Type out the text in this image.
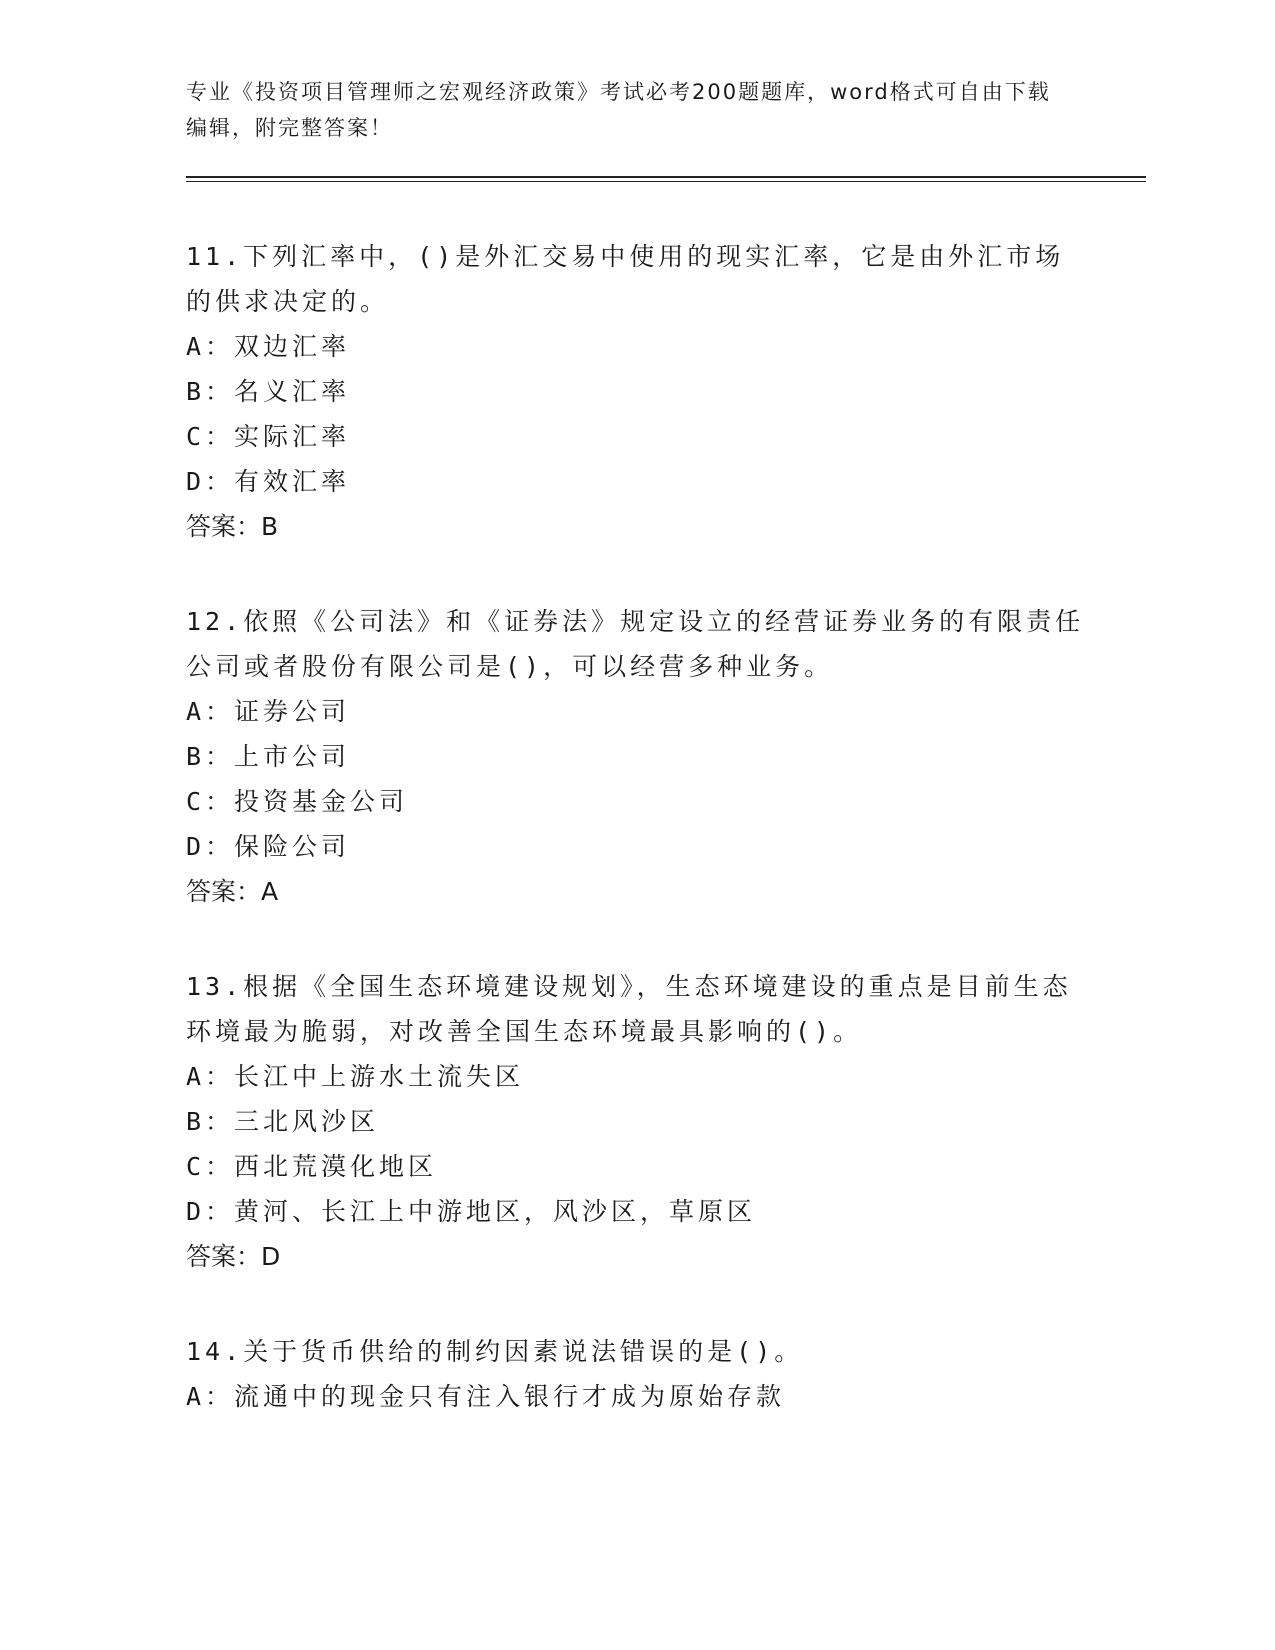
专业《投资项目管理师之宏观经济政策》考试必考200题题库，word格式可自由下载编辑，附完整答案！

11.下列汇率中，()是外汇交易中使用的现实汇率，它是由外汇市场的供求决定的。

A：双边汇率

B：名义汇率

C：实际汇率

D：有效汇率

答案：B

12.依照《公司法》和《证券法》规定设立的经营证券业务的有限责任公司或者股份有限公司是()，可以经营多种业务。

A：证券公司

B：上市公司

C：投资基金公司

D：保险公司

答案：A

13.根据《全国生态环境建设规划》，生态环境建设的重点是目前生态环境最为脆弱，对改善全国生态环境最具影响的()。

A：长江中上游水土流失区

B：三北风沙区

C：西北荒漠化地区

D：黄河、长江上中游地区，风沙区，草原区

答案：D

14.关于货币供给的制约因素说法错误的是()。

A：流通中的现金只有注入银行才成为原始存款
